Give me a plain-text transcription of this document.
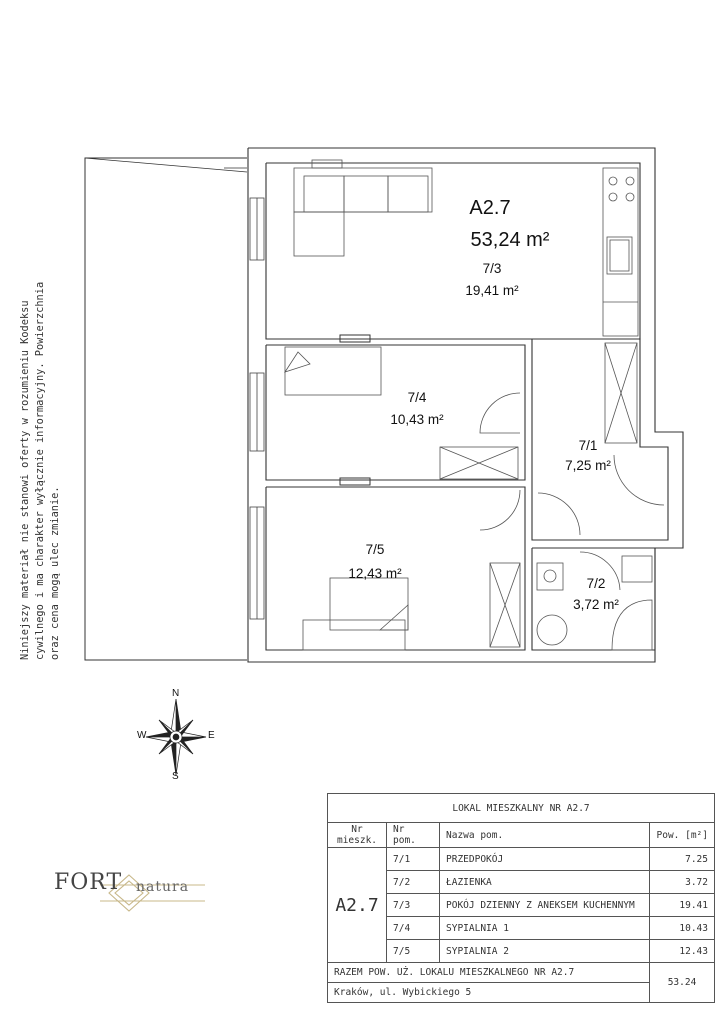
Niniejszy materiał nie stanowi oferty w rozumieniu Kodeksu cywilnego i ma charakter wyłącznie informacyjny. Powierzchnia oraz cena mogą ulec zmianie.
A2.7
53,24 m²
7/3
19,41 m²
7/4
10,43 m²
7/1
7,25 m²
7/5
12,43 m²
7/2
3,72 m²
N
S
W	E
FORT natura
LOKAL MIESZKALNY NR A2.7			
Nr mieszk.	Nr pom.	Nazwa pom.	Pow. [m²]
A2.7	7/1	PRZEDPOKÓJ	7.25
	7/2	ŁAZIENKA	3.72
	7/3	POKÓJ DZIENNY Z ANEKSEM KUCHENNYM	19.41
	7/4	SYPIALNIA 1	10.43
	7/5	SYPIALNIA 2	12.43
RAZEM POW. UŻ. LOKALU MIESZKALNEGO NR A2.7			53.24
Kraków, ul. Wybickiego 5			
